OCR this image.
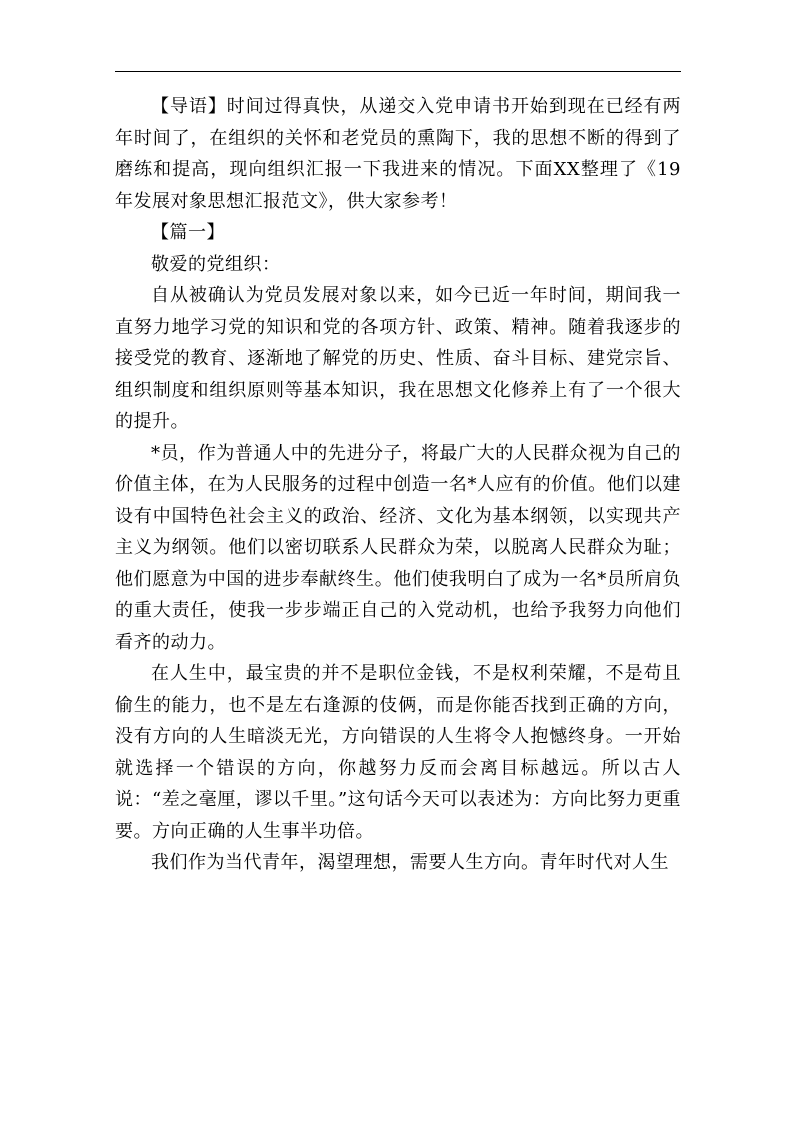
【导语】时间过得真快，从递交入党申请书开始到现在已经有两年时间了，在组织的关怀和老党员的熏陶下，我的思想不断的得到了磨练和提高，现向组织汇报一下我进来的情况。下面XX整理了《19年发展对象思想汇报范文》，供大家参考！

【篇一】

敬爱的党组织：

自从被确认为党员发展对象以来，如今已近一年时间，期间我一直努力地学习党的知识和党的各项方针、政策、精神。随着我逐步的接受党的教育、逐渐地了解党的历史、性质、奋斗目标、建党宗旨、组织制度和组织原则等基本知识，我在思想文化修养上有了一个很大的提升。

*员，作为普通人中的先进分子，将最广大的人民群众视为自己的价值主体，在为人民服务的过程中创造一名*人应有的价值。他们以建设有中国特色社会主义的政治、经济、文化为基本纲领，以实现共产主义为纲领。他们以密切联系人民群众为荣，以脱离人民群众为耻；他们愿意为中国的进步奉献终生。他们使我明白了成为一名*员所肩负的重大责任，使我一步步端正自己的入党动机，也给予我努力向他们看齐的动力。

在人生中，最宝贵的并不是职位金钱，不是权利荣耀，不是苟且偷生的能力，也不是左右逢源的伎俩，而是你能否找到正确的方向，没有方向的人生暗淡无光，方向错误的人生将令人抱憾终身。一开始就选择一个错误的方向，你越努力反而会离目标越远。所以古人说：“差之毫厘，谬以千里。”这句话今天可以表述为：方向比努力更重要。方向正确的人生事半功倍。

我们作为当代青年，渴望理想，需要人生方向。青年时代对人生
